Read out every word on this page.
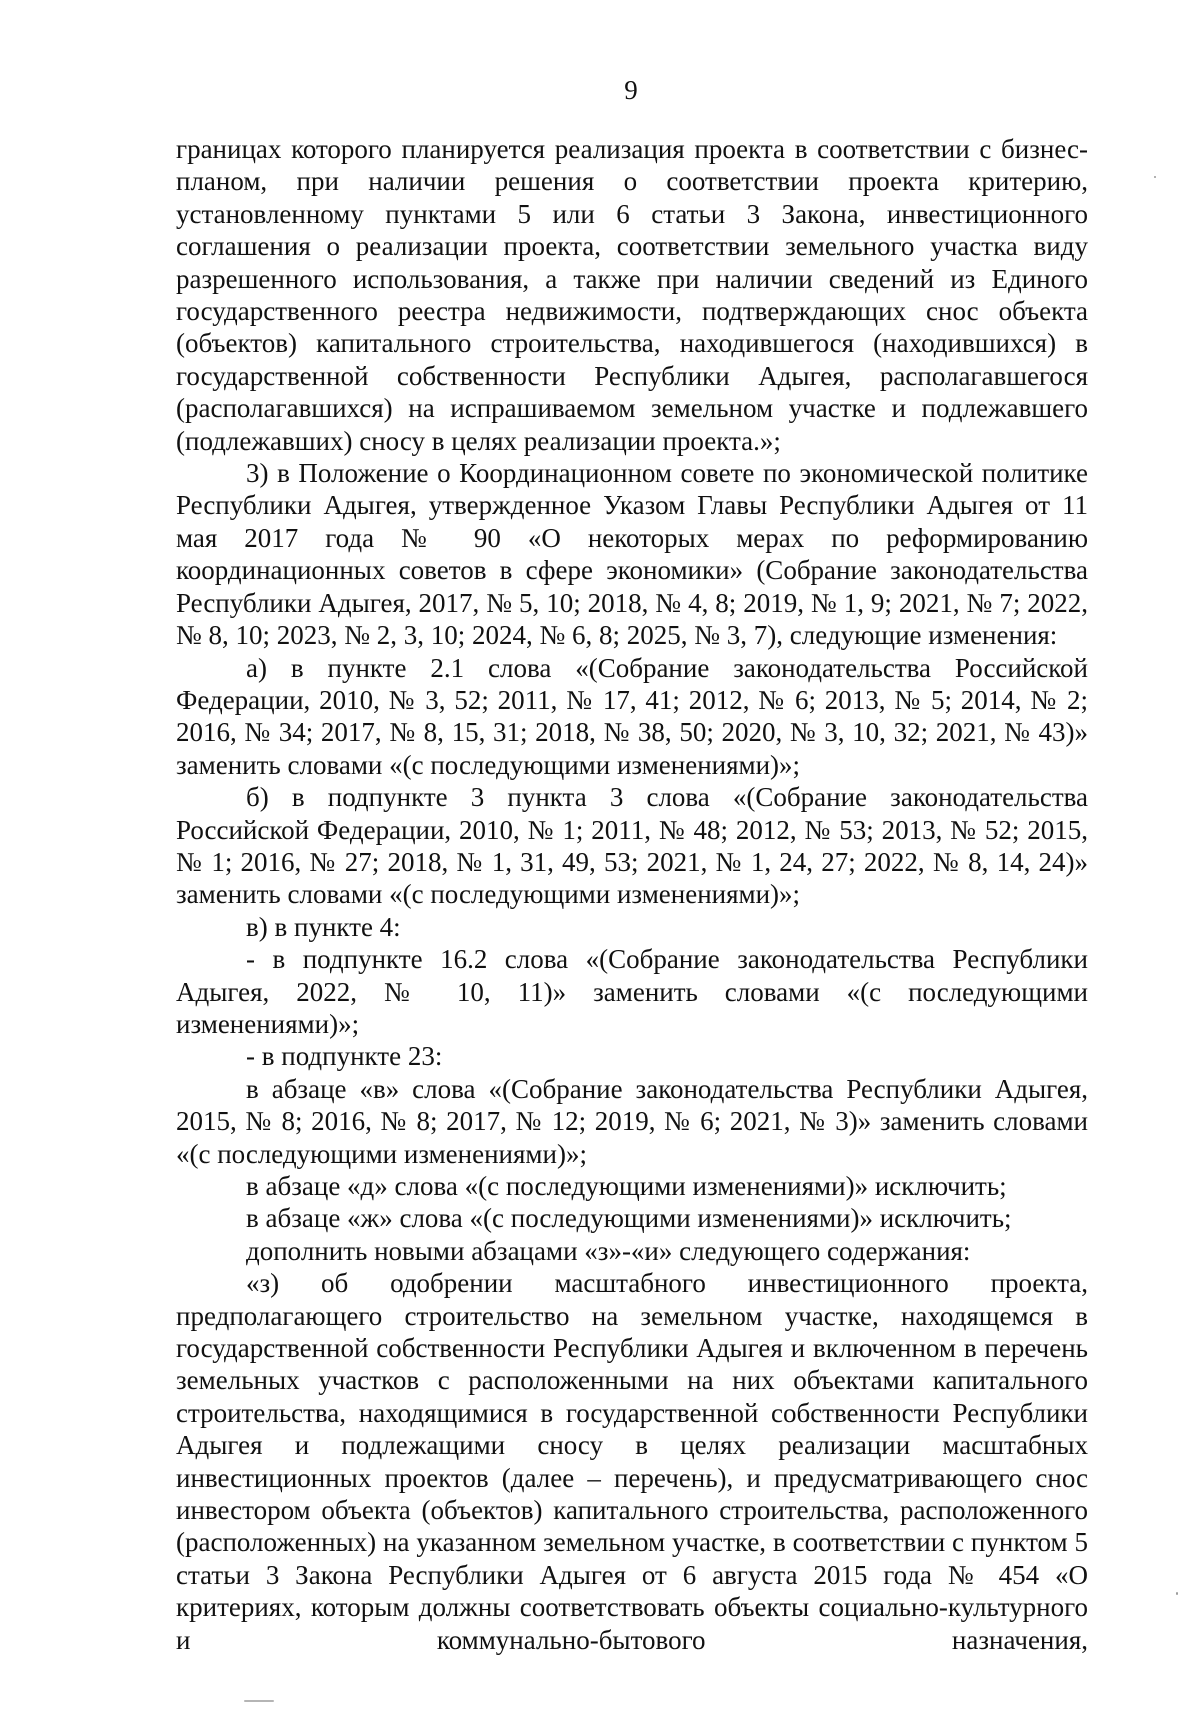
9

границах которого планируется реализация проекта в соответствии с бизнес-планом, при наличии решения о соответствии проекта критерию, установленному пунктами 5 или 6 статьи 3 Закона, инвестиционного соглашения о реализации проекта, соответствии земельного участка виду разрешенного использования, а также при наличии сведений из Единого государственного реестра недвижимости, подтверждающих снос объекта (объектов) капитального строительства, находившегося (находившихся) в государственной собственности Республики Адыгея, располагавшегося (располагавшихся) на испрашиваемом земельном участке и подлежавшего (подлежавших) сносу в целях реализации проекта.»;

3) в Положение о Координационном совете по экономической политике Республики Адыгея, утвержденное Указом Главы Республики Адыгея от 11 мая 2017 года № 90 «О некоторых мерах по реформированию координационных советов в сфере экономики» (Собрание законодательства Республики Адыгея, 2017, № 5, 10; 2018, № 4, 8; 2019, № 1, 9; 2021, № 7; 2022, № 8, 10; 2023, № 2, 3, 10; 2024, № 6, 8; 2025, № 3, 7), следующие изменения:

а) в пункте 2.1 слова «(Собрание законодательства Российской Федерации, 2010, № 3, 52; 2011, № 17, 41; 2012, № 6; 2013, № 5; 2014, № 2; 2016, № 34; 2017, № 8, 15, 31; 2018, № 38, 50; 2020, № 3, 10, 32; 2021, № 43)» заменить словами «(с последующими изменениями)»;

б) в подпункте 3 пункта 3 слова «(Собрание законодательства Российской Федерации, 2010, № 1; 2011, № 48; 2012, № 53; 2013, № 52; 2015, № 1; 2016, № 27; 2018, № 1, 31, 49, 53; 2021, № 1, 24, 27; 2022, № 8, 14, 24)» заменить словами «(с последующими изменениями)»;

в) в пункте 4:

- в подпункте 16.2 слова «(Собрание законодательства Республики Адыгея, 2022, № 10, 11)» заменить словами «(с последующими изменениями)»;

- в подпункте 23:

в абзаце «в» слова «(Собрание законодательства Республики Адыгея, 2015, № 8; 2016, № 8; 2017, № 12; 2019, № 6; 2021, № 3)» заменить словами «(с последующими изменениями)»;

в абзаце «д» слова «(с последующими изменениями)» исключить;

в абзаце «ж» слова «(с последующими изменениями)» исключить;

дополнить новыми абзацами «з»-«и» следующего содержания:

«з) об одобрении масштабного инвестиционного проекта, предполагающего строительство на земельном участке, находящемся в государственной собственности Республики Адыгея и включенном в перечень земельных участков с расположенными на них объектами капитального строительства, находящимися в государственной собственности Республики Адыгея и подлежащими сносу в целях реализации масштабных инвестиционных проектов (далее – перечень), и предусматривающего снос инвестором объекта (объектов) капитального строительства, расположенного (расположенных) на указанном земельном участке, в соответствии с пунктом 5 статьи 3 Закона Республики Адыгея от 6 августа 2015 года № 454 «О критериях, которым должны соответствовать объекты социально-культурного и коммунально-бытового назначения,
